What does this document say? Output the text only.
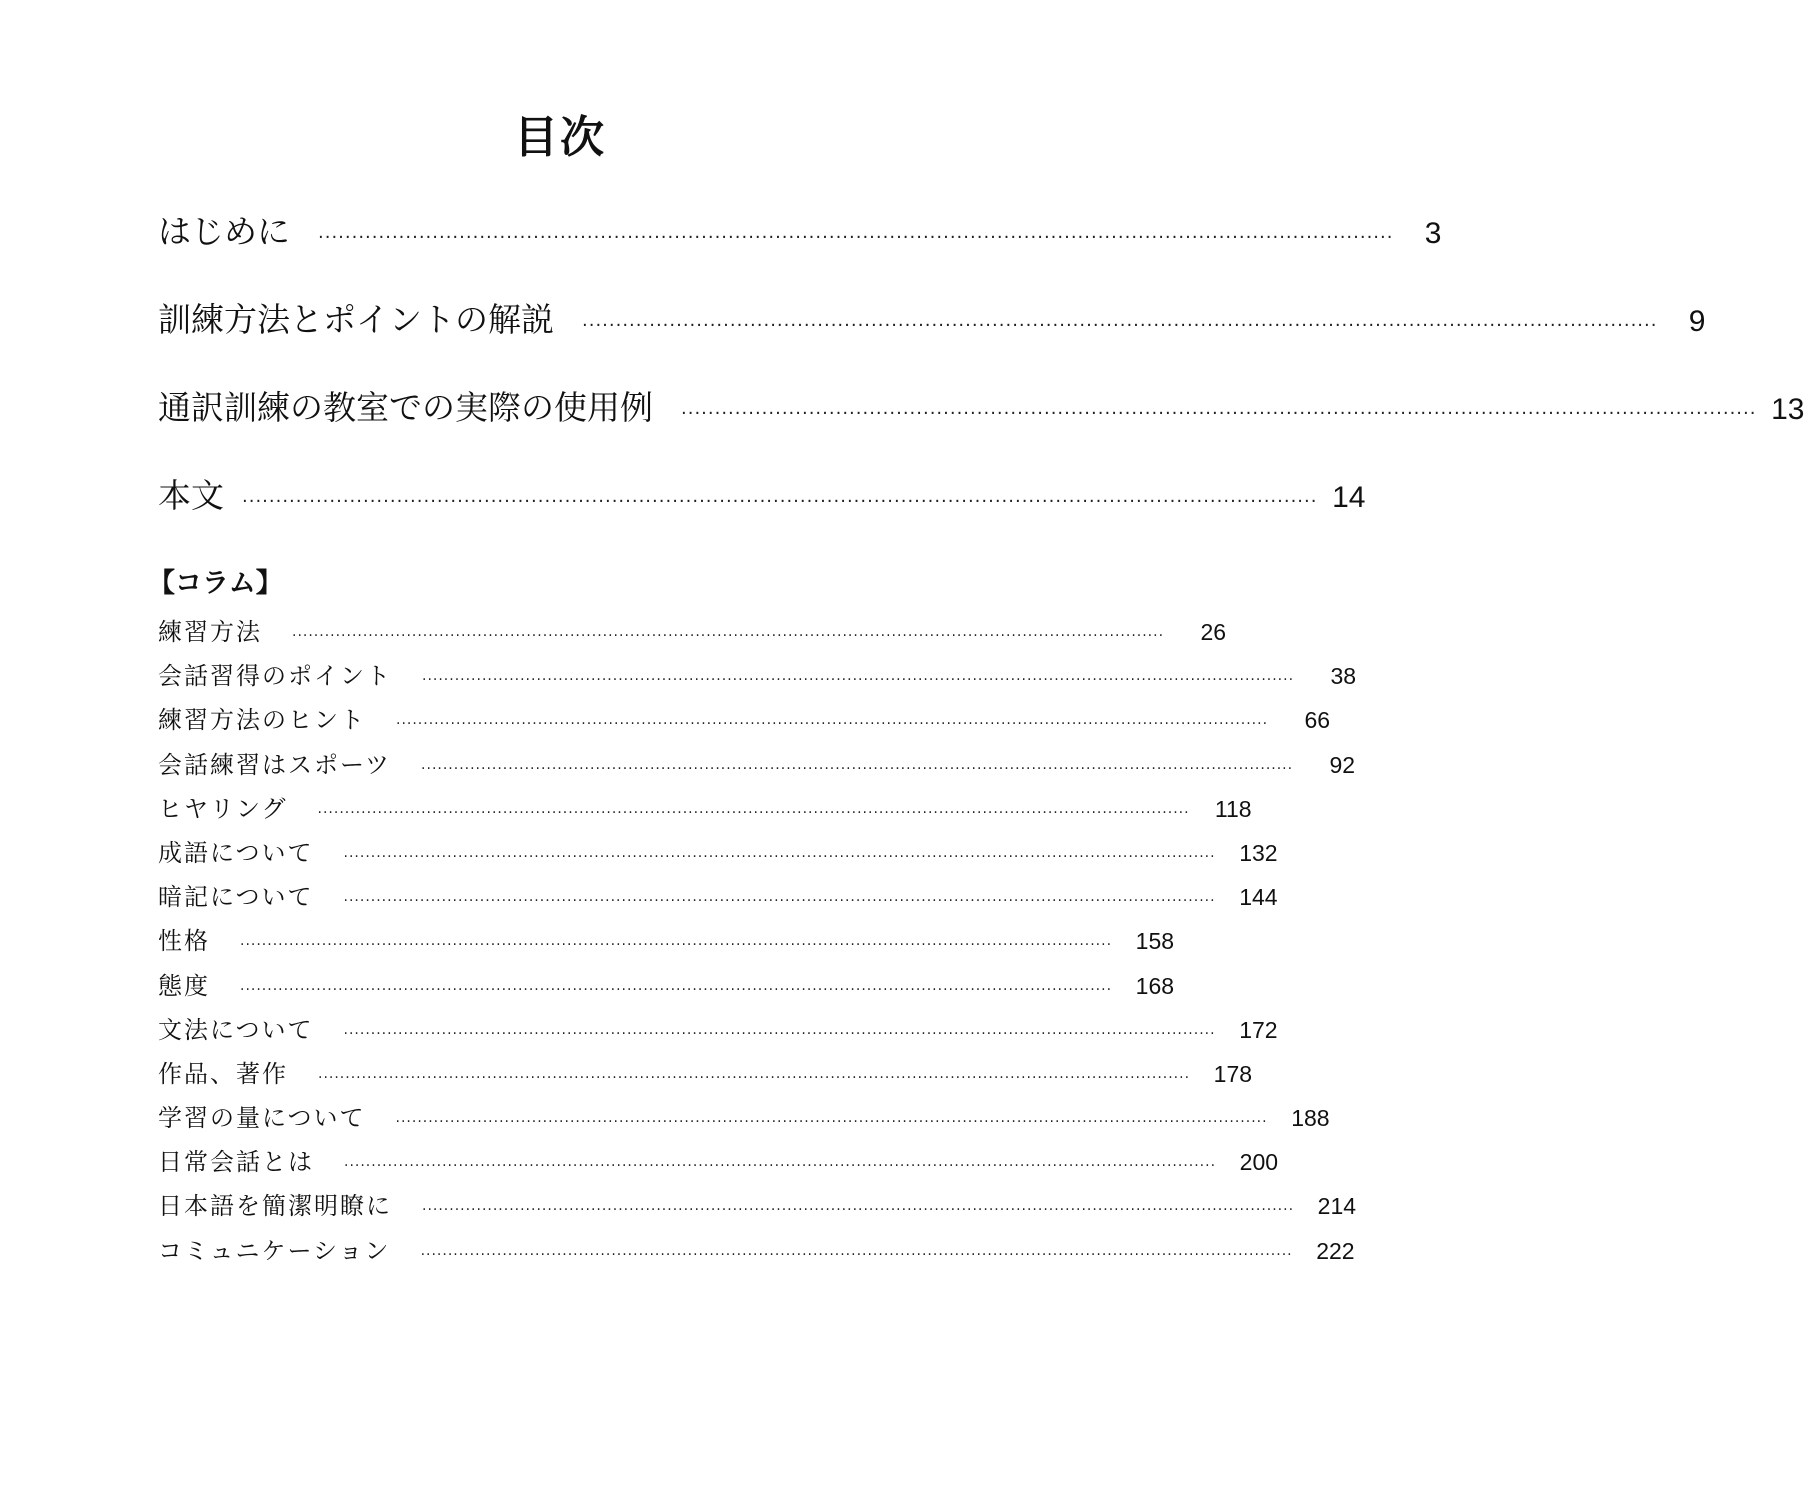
目次
はじめに ································································································································································	3
訓練方法とポイントの解説 ································································································································································	9
通訳訓練の教室での実際の使用例 ································································································································································ 13
本文 ································································································································································ 14
【コラム】
練習方法 ································································································································································	26
会話習得のポイント ································································································································································	38
練習方法のヒント ································································································································································	66
会話練習はスポーツ ································································································································································	92
ヒヤリング ································································································································································	118
成語について ································································································································································ 132
暗記について ································································································································································ 144
性格 ································································································································································ 158
態度 ································································································································································ 168
文法について ································································································································································ 172
作品、著作 ································································································································································ 178
学習の量について ································································································································································ 188
日常会話とは ································································································································································ 200
日本語を簡潔明瞭に ································································································································································ 214
コミュニケーション ································································································································································ 222
